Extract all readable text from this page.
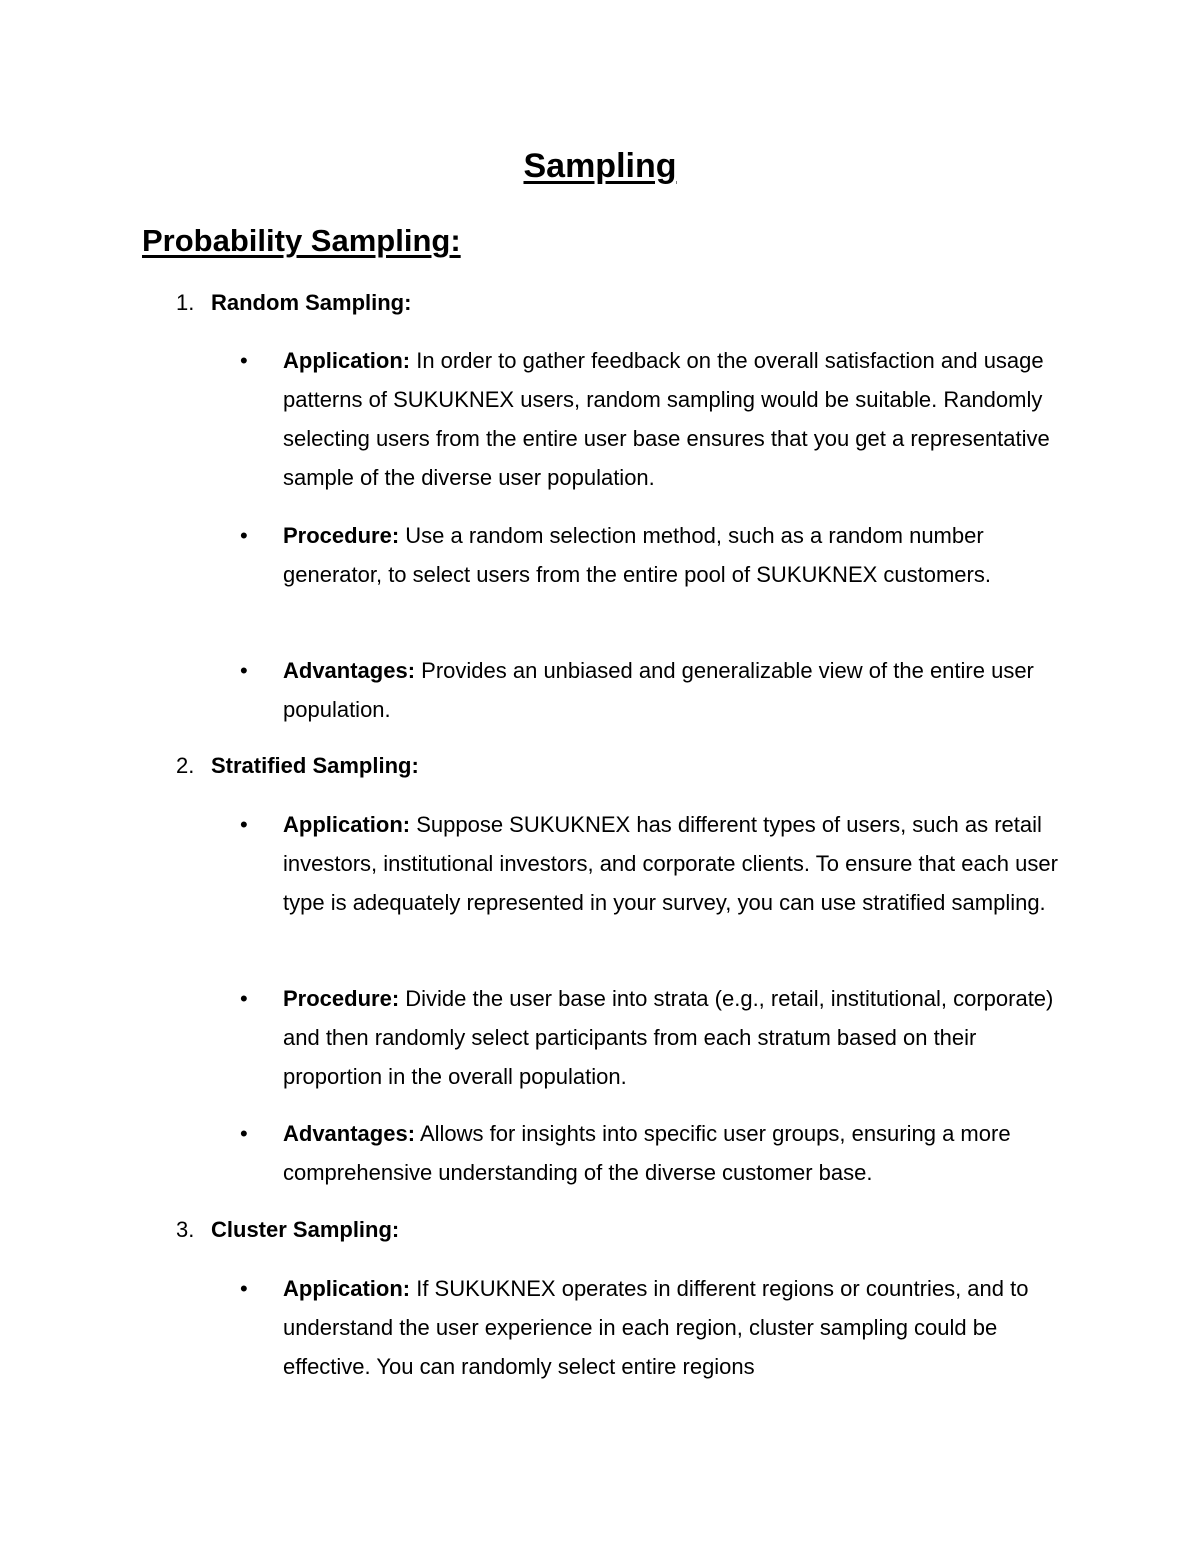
Sampling
Probability Sampling:
1. Random Sampling:
• Application: In order to gather feedback on the overall satisfaction and usage patterns of SUKUKNEX users, random sampling would be suitable. Randomly selecting users from the entire user base ensures that you get a representative sample of the diverse user population.
• Procedure: Use a random selection method, such as a random number generator, to select users from the entire pool of SUKUKNEX customers.
• Advantages: Provides an unbiased and generalizable view of the entire user population.
2. Stratified Sampling:
• Application: Suppose SUKUKNEX has different types of users, such as retail investors, institutional investors, and corporate clients. To ensure that each user type is adequately represented in your survey, you can use stratified sampling.
• Procedure: Divide the user base into strata (e.g., retail, institutional, corporate) and then randomly select participants from each stratum based on their proportion in the overall population.
• Advantages: Allows for insights into specific user groups, ensuring a more comprehensive understanding of the diverse customer base.
3. Cluster Sampling:
• Application: If SUKUKNEX operates in different regions or countries, and to understand the user experience in each region, cluster sampling could be effective. You can randomly select entire regions
